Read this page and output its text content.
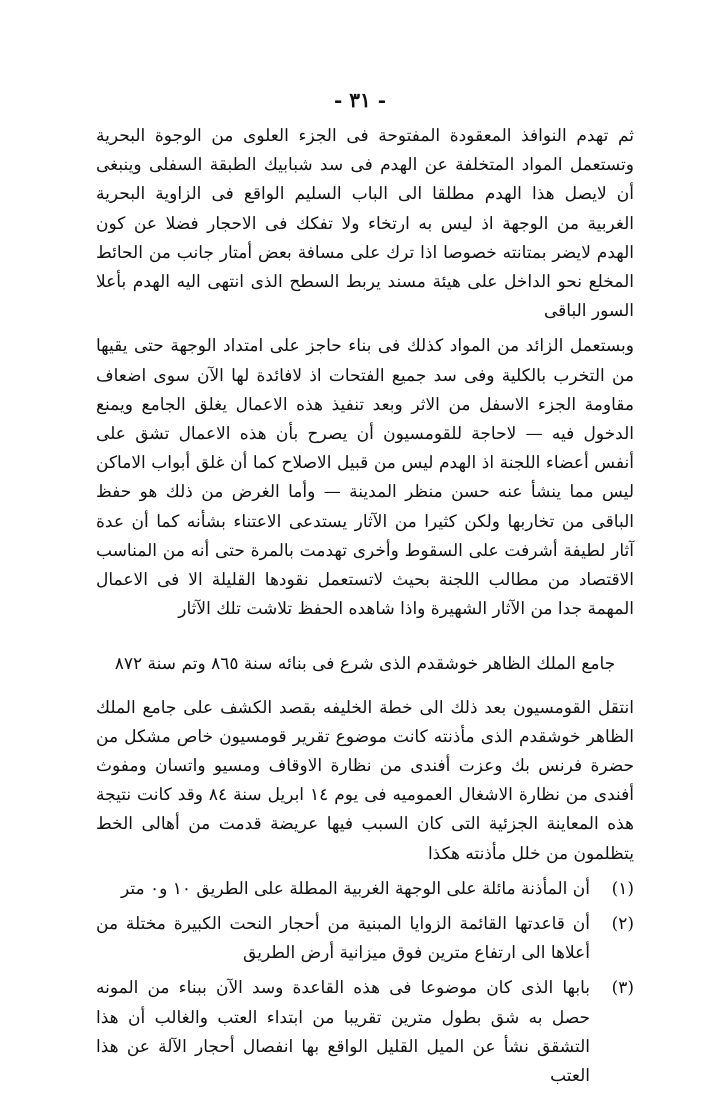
- ٣١ -

ثم تهدم النوافذ المعقودة المفتوحة فى الجزء العلوى من الوجوة البحرية وتستعمل المواد المتخلفة عن الهدم فى سد شبابيك الطبقة السفلى وينبغى أن لايصل هذا الهدم مطلقا الى الباب السليم الواقع فى الزاوية البحرية الغربية من الوجهة اذ ليس به ارتخاء ولا تفكك فى الاحجار فضلا عن كون الهدم لايضر بمتانته خصوصا اذا ترك على مسافة بعض أمتار جانب من الحائط المخلع نحو الداخل على هيئة مسند يربط السطح الذى انتهى اليه الهدم بأعلا السور الباقى

وبستعمل الزائد من المواد كذلك فى بناء حاجز على امتداد الوجهة حتى يقيها من التخرب بالكلية وفى سد جميع الفتحات اذ لافائدة لها الآن سوى اضعاف مقاومة الجزء الاسفل من الاثر وبعد تنفيذ هذه الاعمال يغلق الجامع ويمنع الدخول فيه — لاحاجة للقومسيون أن يصرح بأن هذه الاعمال تشق على أنفس أعضاء اللجنة اذ الهدم ليس من قبيل الاصلاح كما أن غلق أبواب الاماكن ليس مما ينشأ عنه حسن منظر المدينة — وأما الغرض من ذلك هو حفظ الباقى من تخاربها ولكن كثيرا من الآثار يستدعى الاعتناء بشأنه كما أن عدة آثار لطيفة أشرفت على السقوط وأخرى تهدمت بالمرة حتى أنه من المناسب الاقتصاد من مطالب اللجنة بحيث لاتستعمل نقودها القليلة الا فى الاعمال المهمة جدا من الآثار الشهيرة واذا شاهده الحفظ تلاشت تلك الآثار

جامع الملك الظاهر خوشقدم الذى شرع فى بنائه سنة ٨٦٥ وتم سنة ٨٧٢

انتقل القومسيون بعد ذلك الى خطة الخليفه بقصد الكشف على جامع الملك الظاهر خوشقدم الذى مأذنته كانت موضوع تقرير قومسيون خاص مشكل من حضرة فرنس بك وعزت أفندى من نظارة الاوقاف ومسيو واتسان ومفوث أفندى من نظارة الاشغال العموميه فى يوم ١٤ ابريل سنة ٨٤ وقد كانت نتيجة هذه المعاينة الجزئية التى كان السبب فيها عريضة قدمت من أهالى الخط يتظلمون من خلل مأذنته هكذا

(١)
أن المأذنة مائلة على الوجهة الغربية المطلة على الطريق ١٠ و٠ متر
(٢)
أن قاعدتها القائمة الزوايا المبنية من أحجار النحت الكبيرة مختلة من أعلاها الى ارتفاع مترين فوق ميزانية أرض الطريق
(٣)
بابها الذى كان موضوعا فى هذه القاعدة وسد الآن ببناء من المونه حصل به شق بطول مترين تقريبا من ابتداء العتب والغالب أن هذا التشقق نشأ عن الميل القليل الواقع بها انفصال أحجار الآلة عن هذا العتب
